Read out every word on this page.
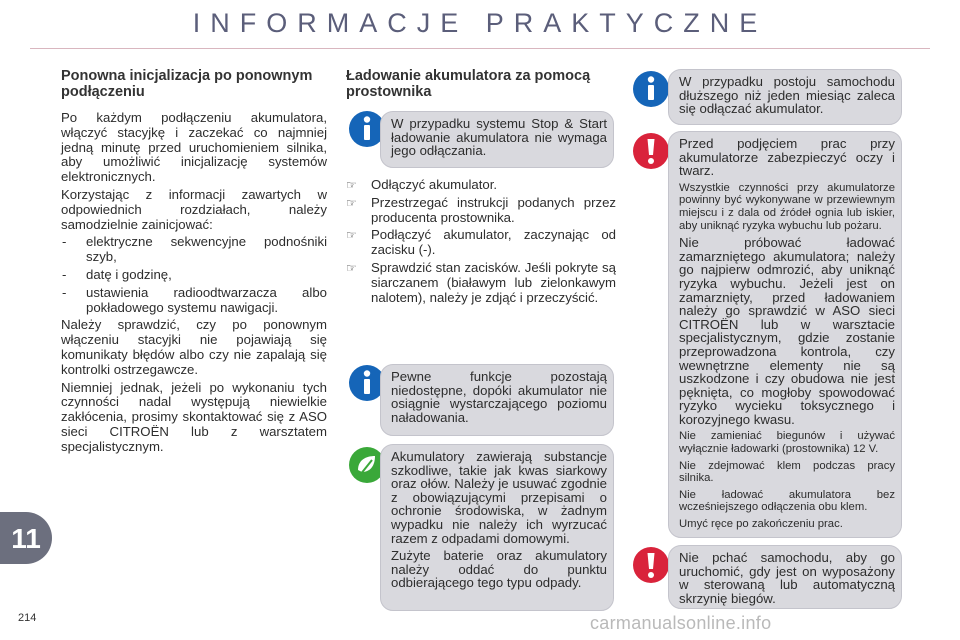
INFORMACJE PRAKTYCZNE
Ponowna inicjalizacja po ponownym podłączeniu

Po każdym podłączeniu akumulatora, włączyć stacyjkę i zaczekać co najmniej jedną minutę przed uruchomieniem silnika, aby umożliwić inicjalizację systemów elektronicznych.

Korzystając z informacji zawartych w odpowiednich rozdziałach, należy samodzielnie zainicjować:

- elektryczne sekwencyjne podnośniki szyb,
- datę i godzinę,
- ustawienia radioodtwarzacza albo pokładowego systemu nawigacji.

Należy sprawdzić, czy po ponownym włączeniu stacyjki nie pojawiają się komunikaty błędów albo czy nie zapalają się kontrolki ostrzegawcze.

Niemniej jednak, jeżeli po wykonaniu tych czynności nadal występują niewielkie zakłócenia, prosimy skontaktować się z ASO sieci CITROËN lub z warsztatem specjalistycznym.

Ładowanie akumulatora za pomocą prostownika

W przypadku systemu Stop & Start ładowanie akumulatora nie wymaga jego odłączania.

☞ Odłączyć akumulator.
☞ Przestrzegać instrukcji podanych przez producenta prostownika.
☞ Podłączyć akumulator, zaczynając od zacisku (-).
☞ Sprawdzić stan zacisków. Jeśli pokryte są siarczanem (białawym lub zielonkawym nalotem), należy je zdjąć i przeczyścić.

Pewne funkcje pozostają niedostępne, dopóki akumulator nie osiągnie wystarczającego poziomu naładowania.

Akumulatory zawierają substancje szkodliwe, takie jak kwas siarkowy oraz ołów. Należy je usuwać zgodnie z obowiązującymi przepisami o ochronie środowiska, w żadnym wypadku nie należy ich wyrzucać razem z odpadami domowymi.

Zużyte baterie oraz akumulatory należy oddać do punktu odbierającego tego typu odpady.

W przypadku postoju samochodu dłuższego niż jeden miesiąc zaleca się odłączać akumulator.

Przed podjęciem prac przy akumulatorze zabezpieczyć oczy i twarz.

Wszystkie czynności przy akumulatorze powinny być wykonywane w przewiewnym miejscu i z dala od źródeł ognia lub iskier, aby uniknąć ryzyka wybuchu lub pożaru.

Nie próbować ładować zamarzniętego akumulatora; należy go najpierw odmrozić, aby uniknąć ryzyka wybuchu. Jeżeli jest on zamarznięty, przed ładowaniem należy go sprawdzić w ASO sieci CITROËN lub w warsztacie specjalistycznym, gdzie zostanie przeprowadzona kontrola, czy wewnętrzne elementy nie są uszkodzone i czy obudowa nie jest pęknięta, co mogłoby spowodować ryzyko wycieku toksycznego i korozyjnego kwasu.

Nie zamieniać biegunów i używać wyłącznie ładowarki (prostownika) 12 V.

Nie zdejmować klem podczas pracy silnika.

Nie ładować akumulatora bez wcześniejszego odłączenia obu klem.

Umyć ręce po zakończeniu prac.

Nie pchać samochodu, aby go uruchomić, gdy jest on wyposażony w sterowaną lub automatyczną skrzynię biegów.

11
214	carmanualsonline.info
